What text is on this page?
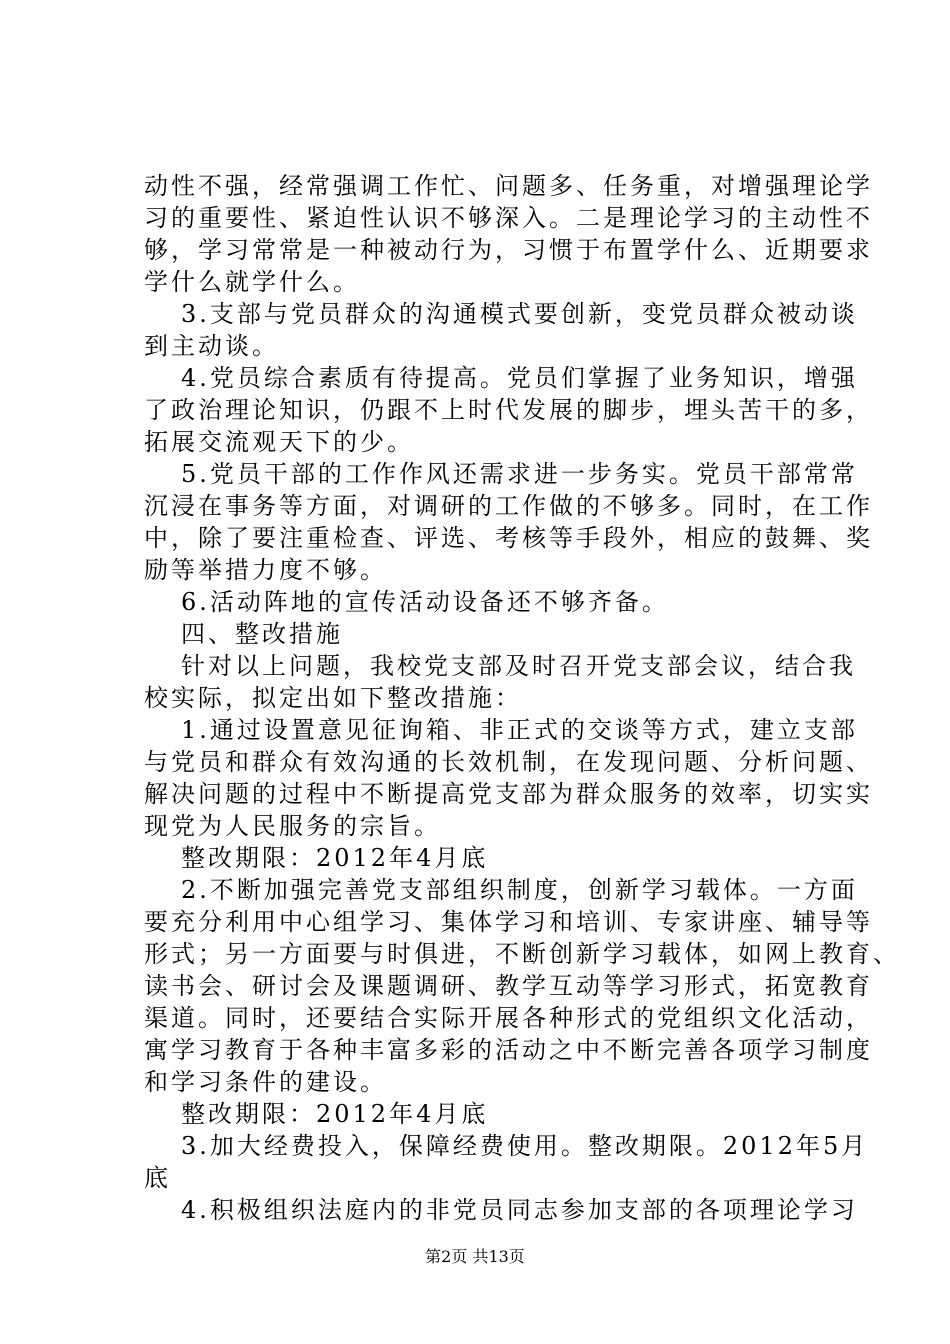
动性不强，经常强调工作忙、问题多、任务重，对增强理论学
习的重要性、紧迫性认识不够深入。二是理论学习的主动性不
够，学习常常是一种被动行为，习惯于布置学什么、近期要求
学什么就学什么。
3.支部与党员群众的沟通模式要创新，变党员群众被动谈
到主动谈。
4.党员综合素质有待提高。党员们掌握了业务知识，增强
了政治理论知识，仍跟不上时代发展的脚步，埋头苦干的多，
拓展交流观天下的少。
5.党员干部的工作作风还需求进一步务实。党员干部常常
沉浸在事务等方面，对调研的工作做的不够多。同时，在工作
中，除了要注重检查、评选、考核等手段外，相应的鼓舞、奖
励等举措力度不够。
6.活动阵地的宣传活动设备还不够齐备。
四、整改措施
针对以上问题，我校党支部及时召开党支部会议，结合我
校实际，拟定出如下整改措施：
1.通过设置意见征询箱、非正式的交谈等方式，建立支部
与党员和群众有效沟通的长效机制，在发现问题、分析问题、
解决问题的过程中不断提高党支部为群众服务的效率，切实实
现党为人民服务的宗旨。
整改期限：2012年4月底
2.不断加强完善党支部组织制度，创新学习载体。一方面
要充分利用中心组学习、集体学习和培训、专家讲座、辅导等
形式；另一方面要与时俱进，不断创新学习载体，如网上教育、
读书会、研讨会及课题调研、教学互动等学习形式，拓宽教育
渠道。同时，还要结合实际开展各种形式的党组织文化活动，
寓学习教育于各种丰富多彩的活动之中不断完善各项学习制度
和学习条件的建设。
整改期限：2012年4月底
3.加大经费投入，保障经费使用。整改期限。2012年5月
底
4.积极组织法庭内的非党员同志参加支部的各项理论学习
第2页 共13页
